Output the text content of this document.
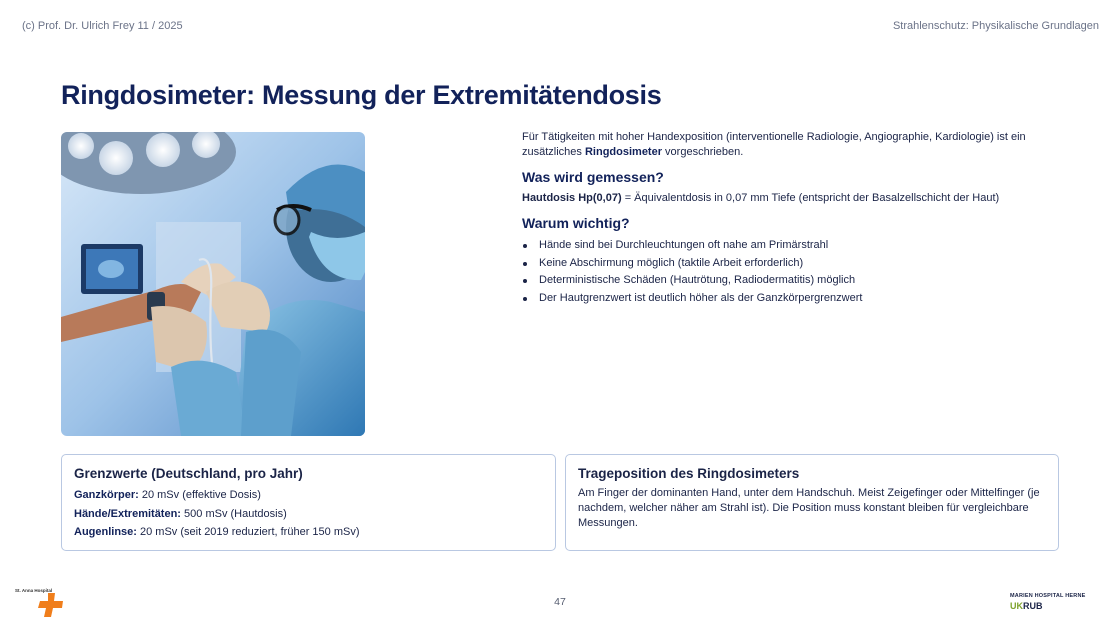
(c) Prof. Dr. Ulrich Frey 11 / 2025	Strahlenschutz: Physikalische Grundlagen
Ringdosimeter: Messung der Extremitätendosis

Für Tätigkeiten mit hoher Handexposition (interventionelle Radiologie, Angiographie, Kardiologie) ist ein zusätzliches Ringdosimeter vorgeschrieben.

Was wird gemessen?

Hautdosis Hp(0,07) = Äquivalentdosis in 0,07 mm Tiefe (entspricht der Basalzellschicht der Haut)

Warum wichtig?
Hände sind bei Durchleuchtungen oft nahe am Primärstrahl
Keine Abschirmung möglich (taktile Arbeit erforderlich)
Deterministische Schäden (Hautrötung, Radiodermatitis) möglich
Der Hautgrenzwert ist deutlich höher als der Ganzkörpergrenzwert
Grenzwerte (Deutschland, pro Jahr)
Ganzkörper: 20 mSv (effektive Dosis)
Hände/Extremitäten: 500 mSv (Hautdosis)
Augenlinse: 20 mSv (seit 2019 reduziert, früher 150 mSv)
Trageposition des Ringdosimeters
Am Finger der dominanten Hand, unter dem Handschuh. Meist Zeigefinger oder Mittelfinger (je nachdem, welcher näher am Strahl ist). Die Position muss konstant bleiben für vergleichbare Messungen.
47
St. Anna Hospital
MARIEN HOSPITAL HERNE
UKRUB
